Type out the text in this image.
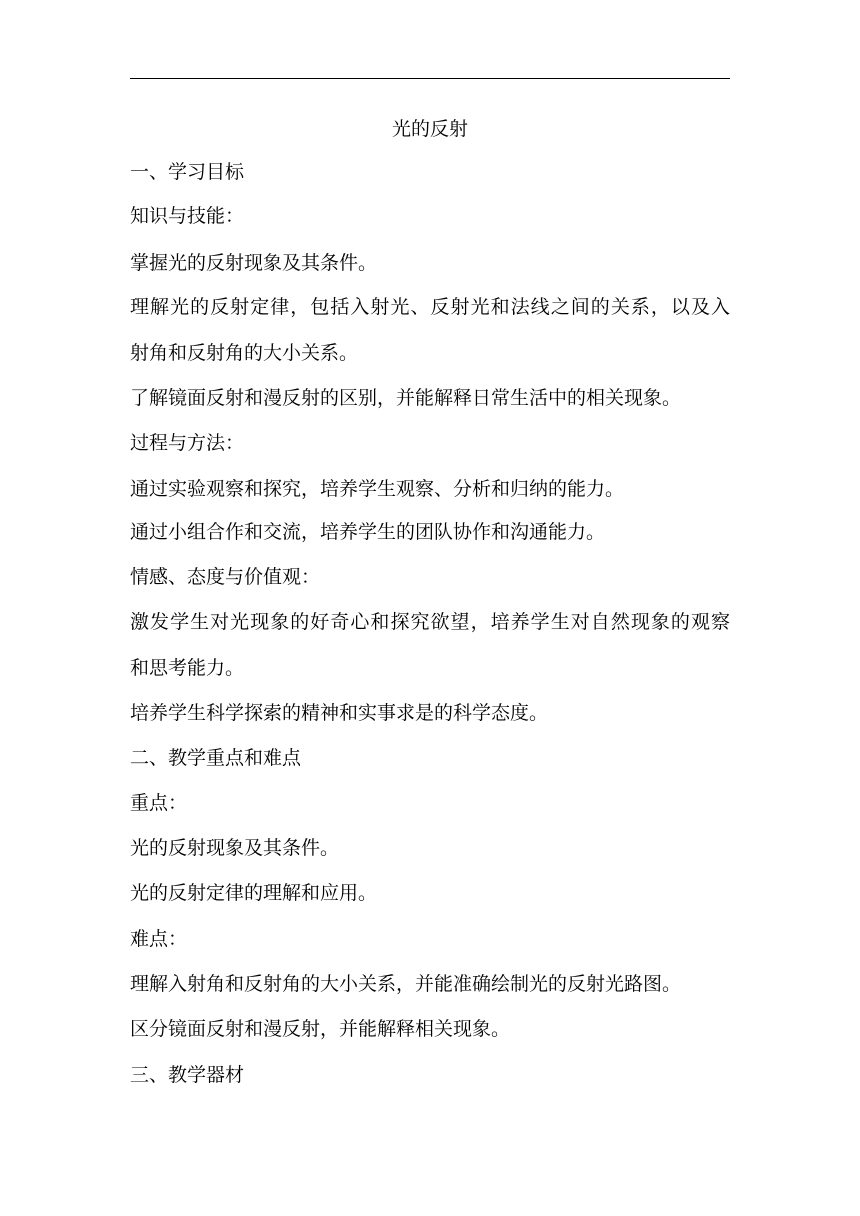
光的反射
一、学习目标
知识与技能：
掌握光的反射现象及其条件。
理解光的反射定律，包括入射光、反射光和法线之间的关系，以及入
射角和反射角的大小关系。
了解镜面反射和漫反射的区别，并能解释日常生活中的相关现象。
过程与方法：
通过实验观察和探究，培养学生观察、分析和归纳的能力。
通过小组合作和交流，培养学生的团队协作和沟通能力。
情感、态度与价值观：
激发学生对光现象的好奇心和探究欲望，培养学生对自然现象的观察
和思考能力。
培养学生科学探索的精神和实事求是的科学态度。
二、教学重点和难点
重点：
光的反射现象及其条件。
光的反射定律的理解和应用。
难点：
理解入射角和反射角的大小关系，并能准确绘制光的反射光路图。
区分镜面反射和漫反射，并能解释相关现象。
三、教学器材
